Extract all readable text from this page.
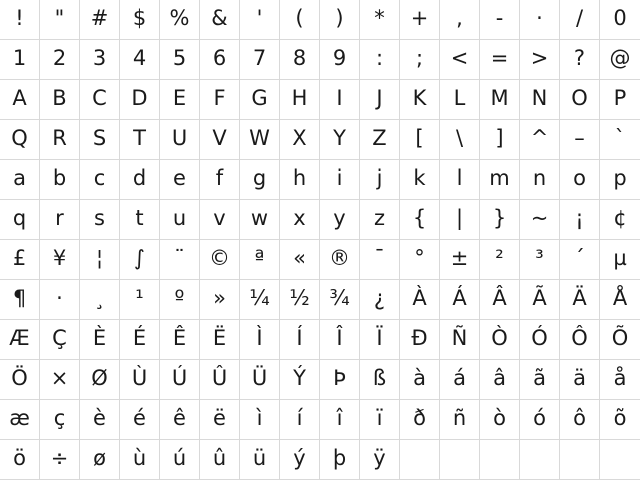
! " # $ % & ' ( ) * + , - · / 0
1 2 3 4 5 6 7 8 9 : ; < = > ? @
A B C D E F G H I J K L M N O P
Q R S T U V W X Y Z [ \ ] ^ – `
a b c d e f g h i j k l m n o p
q r s t u v w x y z { | } ~ ¡ ¢
£ ¥ ¦ ∫ ¨ © ª « ® ¯ ° ± ² ³ ´ µ
¶ · ¸ ¹ º » ¼ ½ ¾ ¿ À Á Â Ã Ä Å
Æ Ç È É Ê Ë Ì Í Î Ï Ð Ñ Ò Ó Ô Õ
Ö × Ø Ù Ú Û Ü Ý Þ ß à á â ã ä å
æ ç è é ê ë ì í î ï ð ñ ò ó ô õ
ö ÷ ø ù ú û ü ý þ ÿ
